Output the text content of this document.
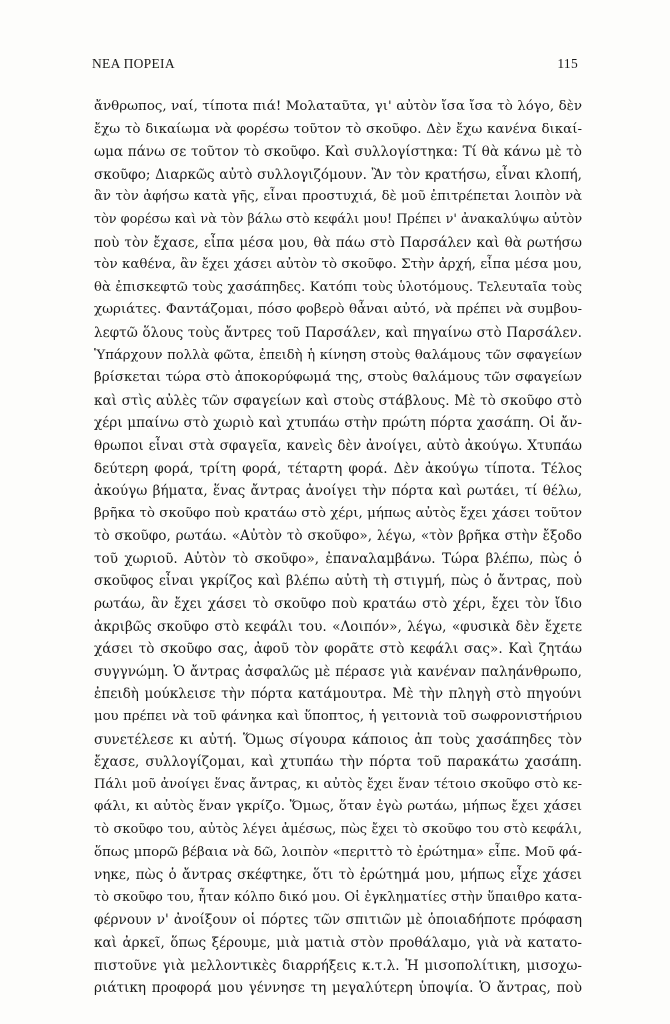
ΝΕΑ ΠΟΡΕΙΑ	115
ἄνθρωπος, ναί, τίποτα πιά! Μολαταῦτα, γι' αὐτὸν ἴσα ἴσα τὸ λόγο, δὲν
ἔχω τὸ δικαίωμα νὰ φορέσω τοῦτον τὸ σκοῦφο. Δὲν ἔχω κανένα δικαί-
ωμα πάνω σε τοῦτον τὸ σκοῦφο. Καὶ συλλογίστηκα: Τί θὰ κάνω μὲ τὸ
σκοῦφο; Διαρκῶς αὐτὸ συλλογιζόμουν. Ἂν τὸν κρατήσω, εἶναι κλοπή,
ἂν τὸν ἀφήσω κατὰ γῆς, εἶναι προστυχιά, δὲ μοῦ ἐπιτρέπεται λοιπὸν νὰ
τὸν φορέσω καὶ νὰ τὸν βάλω στὸ κεφάλι μου! Πρέπει ν' ἀνακαλύψω αὐτὸν
ποὺ τὸν ἔχασε, εἶπα μέσα μου, θὰ πάω στὸ Παρσάλεν καὶ θὰ ρωτήσω
τὸν καθένα, ἂν ἔχει χάσει αὐτὸν τὸ σκοῦφο. Στὴν ἀρχή, εἶπα μέσα μου,
θὰ ἐπισκεφτῶ τοὺς χασάπηδες. Κατόπι τοὺς ὑλοτόμους. Τελευταῖα τοὺς
χωριάτες. Φαντάζομαι, πόσο φοβερὸ θἆναι αὐτό, νὰ πρέπει νὰ συμβου-
λεφτῶ ὅλους τοὺς ἄντρες τοῦ Παρσάλεν, καὶ πηγαίνω στὸ Παρσάλεν.
Ὑπάρχουν πολλὰ φῶτα, ἐπειδὴ ἡ κίνηση στοὺς θαλάμους τῶν σφαγείων
βρίσκεται τώρα στὸ ἀποκορύφωμά της, στοὺς θαλάμους τῶν σφαγείων
καὶ στὶς αὐλὲς τῶν σφαγείων καὶ στοὺς στάβλους. Μὲ τὸ σκοῦφο στὸ
χέρι μπαίνω στὸ χωριὸ καὶ χτυπάω στὴν πρώτη πόρτα χασάπη. Οἱ ἄν-
θρωποι εἶναι στὰ σφαγεῖα, κανεὶς δὲν ἀνοίγει, αὐτὸ ἀκούγω. Χτυπάω
δεύτερη φορά, τρίτη φορά, τέταρτη φορά. Δὲν ἀκούγω τίποτα. Τέλος
ἀκούγω βήματα, ἕνας ἄντρας ἀνοίγει τὴν πόρτα καὶ ρωτάει, τί θέλω,
βρῆκα τὸ σκοῦφο ποὺ κρατάω στὸ χέρι, μήπως αὐτὸς ἔχει χάσει τοῦτον
τὸ σκοῦφο, ρωτάω. «Αὐτὸν τὸ σκοῦφο», λέγω, «τὸν βρῆκα στὴν ἔξοδο
τοῦ χωριοῦ. Αὐτὸν τὸ σκοῦφο», ἐπαναλαμβάνω. Τώρα βλέπω, πὼς ὁ
σκοῦφος εἶναι γκρίζος καὶ βλέπω αὐτὴ τὴ στιγμή, πὼς ὁ ἄντρας, ποὺ
ρωτάω, ἂν ἔχει χάσει τὸ σκοῦφο ποὺ κρατάω στὸ χέρι, ἔχει τὸν ἴδιο
ἀκριβῶς σκοῦφο στὸ κεφάλι του. «Λοιπόν», λέγω, «φυσικὰ δὲν ἔχετε
χάσει τὸ σκοῦφο σας, ἀφοῦ τὸν φορᾶτε στὸ κεφάλι σας». Καὶ ζητάω
συγγνώμη. Ὁ ἄντρας ἀσφαλῶς μὲ πέρασε γιὰ κανέναν παληάνθρωπο,
ἐπειδὴ μούκλεισε τὴν πόρτα κατάμουτρα. Μὲ τὴν πληγὴ στὸ πηγούνι
μου πρέπει νὰ τοῦ φάνηκα καὶ ὕποπτος, ἡ γειτονιὰ τοῦ σωφρονιστήριου
συνετέλεσε κι αὐτή. Ὅμως σίγουρα κάποιος ἀπ τοὺς χασάπηδες τὸν
ἔχασε, συλλογίζομαι, καὶ χτυπάω τὴν πόρτα τοῦ παρακάτω χασάπη.
Πάλι μοῦ ἀνοίγει ἕνας ἄντρας, κι αὐτὸς ἔχει ἕναν τέτοιο σκοῦφο στὸ κε-
φάλι, κι αὐτὸς ἕναν γκρίζο. Ὅμως, ὅταν ἐγὼ ρωτάω, μήπως ἔχει χάσει
τὸ σκοῦφο του, αὐτὸς λέγει ἀμέσως, πὼς ἔχει τὸ σκοῦφο του στὸ κεφάλι,
ὅπως μπορῶ βέβαια νὰ δῶ, λοιπὸν «περιττὸ τὸ ἐρώτημα» εἶπε. Μοῦ φά-
νηκε, πὼς ὁ ἄντρας σκέφτηκε, ὅτι τὸ ἐρώτημά μου, μήπως εἶχε χάσει
τὸ σκοῦφο του, ἦταν κόλπο δικό μου. Οἱ ἐγκληματίες στὴν ὕπαιθρο κατα-
φέρνουν ν' ἀνοίξουν οἱ πόρτες τῶν σπιτιῶν μὲ ὁποιαδήποτε πρόφαση
καὶ ἀρκεῖ, ὅπως ξέρουμε, μιὰ ματιὰ στὸν προθάλαμο, γιὰ νὰ κατατο-
πιστοῦνε γιὰ μελλοντικὲς διαρρήξεις κ.τ.λ. Ἡ μισοπολίτικη, μισοχω-
ριάτικη προφορά μου γέννησε τη μεγαλύτερη ὑποψία. Ὁ ἄντρας, ποὺ
